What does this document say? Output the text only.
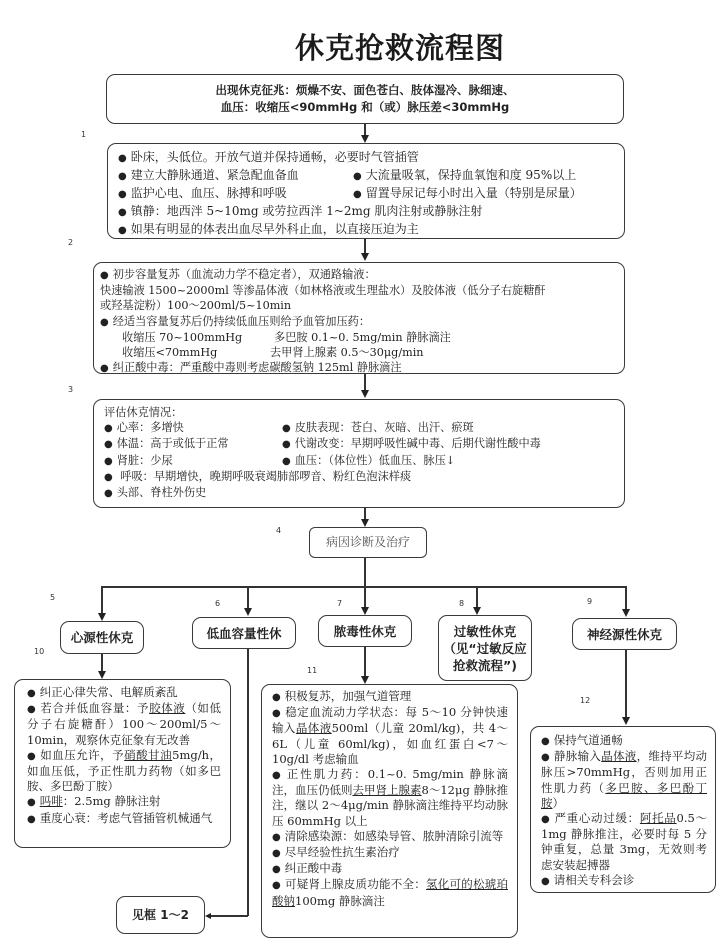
休克抢救流程图
1
2
3
4
5
6	7	8	9
10
11
12
出现休克征兆：烦燥不安、面色苍白、肢体湿冷、脉细速、
血压：收缩压<90mmHg 和（或）脉压差<30mmHg
● 卧床，头低位。开放气道并保持通畅，必要时气管插管
● 建立大静脉通道、紧急配血备血	● 大流量吸氧，保持血氧饱和度 95%以上
● 监护心电、血压、脉搏和呼吸	● 留置导尿记每小时出入量（特别是尿量）
● 镇静：地西泮 5~10mg 或劳拉西泮 1~2mg 肌肉注射或静脉注射
● 如果有明显的体表出血尽早外科止血，以直接压迫为主
● 初步容量复苏（血流动力学不稳定者），双通路输液：
快速输液 1500~2000ml 等渗晶体液（如林格液或生理盐水）及胶体液（低分子右旋糖酐
或羟基淀粉）100～200ml/5~10min
● 经适当容量复苏后仍持续低血压则给予血管加压药：
收缩压 70~100mmHg	多巴胺 0.1~0. 5mg/min 静脉滴注
收缩压<70mmHg	去甲肾上腺素 0.5～30μg/min
● 纠正酸中毒：严重酸中毒则考虑碳酸氢钠 125ml 静脉滴注
评估休克情况：
● 心率：多增快	● 皮肤表现：苍白、灰暗、出汗、瘀斑
● 体温：高于或低于正常	● 代谢改变：早期呼吸性碱中毒、后期代谢性酸中毒
● 肾脏：少尿	● 血压：（体位性）低血压、脉压↓
● 呼吸：早期增快，晚期呼吸衰竭肺部啰音、粉红色泡沫样痰
● 头部、脊柱外伤史
病因诊断及治疗
心源性休克	低血容量性休	脓毒性休克	过敏性休克
（见“过敏反应
抢救流程”)
神经源性休克
● 纠正心律失常、电解质紊乱
● 若合并低血容量：予胶体液（如低分子右旋糖酐）100～200ml/5～10min，观察休克征象有无改善
● 如血压允许，予硝酸甘油5mg/h，如血压低，予正性肌力药物（如多巴胺、多巴酚丁胺）
● 吗啡：2.5mg 静脉注射
● 重度心衰：考虑气管插管机械通气
见框 1～2
● 积极复苏，加强气道管理
● 稳定血流动力学状态：每 5～10 分钟快速输入晶体液500ml（儿童 20ml/kg)，共 4～6L（儿童 60ml/kg)，如血红蛋白<7～10g/dl 考虑输血
● 正性肌力药：0.1~0. 5mg/min 静脉滴注，血压仍低则去甲肾上腺素8～12μg 静脉推注，继以 2～4μg/min 静脉滴注维持平均动脉压 60mmHg 以上
● 清除感染源：如感染导管、脓肿清除引流等
● 尽早经验性抗生素治疗
● 纠正酸中毒
● 可疑肾上腺皮质功能不全：氢化可的松琥珀酸钠100mg 静脉滴注
● 保持气道通畅
● 静脉输入晶体液，维持平均动脉压>70mmHg，否则加用正性肌力药（多巴胺、多巴酚丁胺）
● 严重心动过缓：阿托品0.5～1mg 静脉推注，必要时每 5 分钟重复，总量 3mg，无效则考虑安装起搏器
● 请相关专科会诊
